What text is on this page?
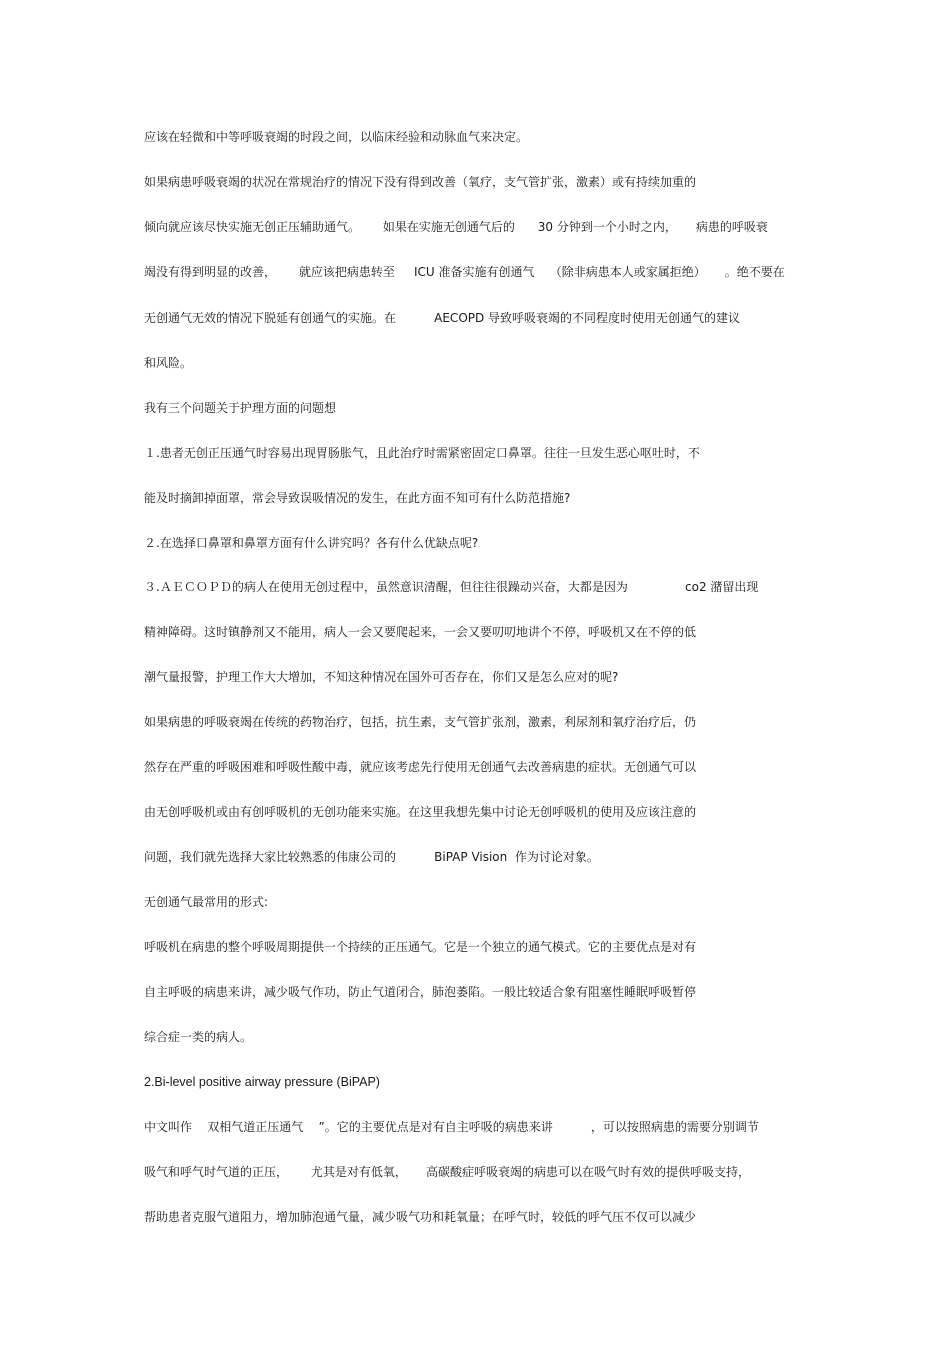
应该在轻微和中等呼吸衰竭的时段之间，以临床经验和动脉血气来决定。
如果病患呼吸衰竭的状况在常规治疗的情况下没有得到改善（氧疗，支气管扩张，激素）或有持续加重的
倾向就应该尽快实施无创正压辅助通气。      如果在实施无创通气后的      30 分钟到一个小时之内，     病患的呼吸衰
竭没有得到明显的改善，      就应该把病患转至     ICU 准备实施有创通气    （除非病患本人或家属拒绝）     。绝不要在
无创通气无效的情况下脱延有创通气的实施。在          AECOPD 导致呼吸衰竭的不同程度时使用无创通气的建议
和风险。
我有三个问题关于护理方面的问题想
１.患者无创正压通气时容易出现胃肠胀气，且此治疗时需紧密固定口鼻罩。往往一旦发生恶心呕吐时，不
能及时摘卸掉面罩，常会导致误吸情况的发生，在此方面不知可有什么防范措施?
２.在选择口鼻罩和鼻罩方面有什么讲究吗？各有什么优缺点呢?
３.ＡＥＣＯＰＤ的病人在使用无创过程中，虽然意识清醒，但往往很躁动兴奋，大都是因为               co2 潴留出现
精神障碍。这时镇静剂又不能用，病人一会又要爬起来，一会又要叨叨地讲个不停，呼吸机又在不停的低
潮气量报警，护理工作大大增加，不知这种情况在国外可否存在，你们又是怎么应对的呢?
如果病患的呼吸衰竭在传统的药物治疗，包括，抗生素，支气管扩张剂，激素，利尿剂和氧疗治疗后，仍
然存在严重的呼吸困难和呼吸性酸中毒，就应该考虑先行使用无创通气去改善病患的症状。无创通气可以
由无创呼吸机或由有创呼吸机的无创功能来实施。在这里我想先集中讨论无创呼吸机的使用及应该注意的
问题，我们就先选择大家比较熟悉的伟康公司的          BiPAP Vision  作为讨论对象。
无创通气最常用的形式:
呼吸机在病患的整个呼吸周期提供一个持续的正压通气。它是一个独立的通气模式。它的主要优点是对有
自主呼吸的病患来讲，减少吸气作功，防止气道闭合，肺泡萎陷。一般比较适合象有阻塞性睡眠呼吸暂停
综合症一类的病人。
2.Bi-level positive airway pressure (BiPAP)
中文叫作    双相气道正压通气    ”。它的主要优点是对有自主呼吸的病患来讲          ，可以按照病患的需要分别调节
吸气和呼气时气道的正压，      尤其是对有低氧，     高碳酸症呼吸衰竭的病患可以在吸气时有效的提供呼吸支持，
帮助患者克服气道阻力，增加肺泡通气量，减少吸气功和耗氧量；在呼气时，较低的呼气压不仅可以减少
